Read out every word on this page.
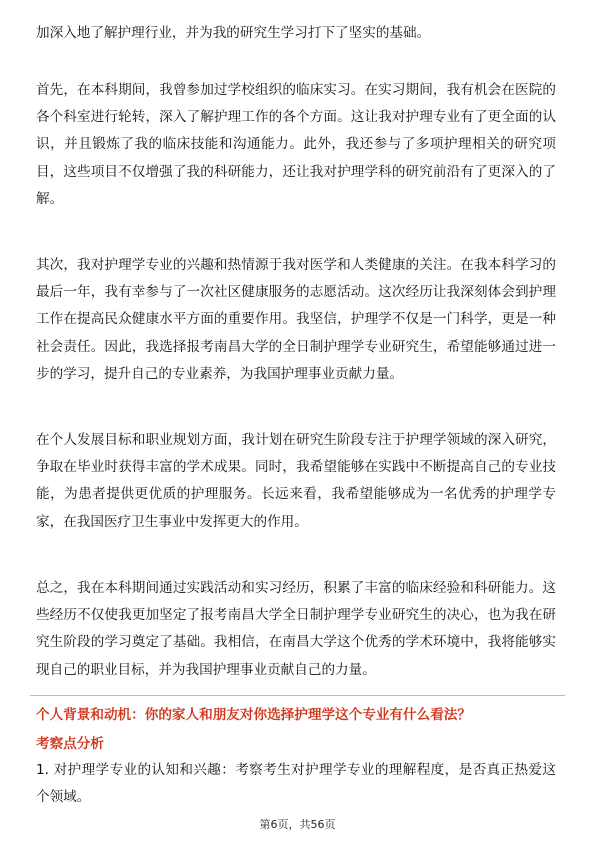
加深入地了解护理行业，并为我的研究生学习打下了坚实的基础。

首先，在本科期间，我曾参加过学校组织的临床实习。在实习期间，我有机会在医院的各个科室进行轮转，深入了解护理工作的各个方面。这让我对护理专业有了更全面的认识，并且锻炼了我的临床技能和沟通能力。此外，我还参与了多项护理相关的研究项目，这些项目不仅增强了我的科研能力，还让我对护理学科的研究前沿有了更深入的了解。

其次，我对护理学专业的兴趣和热情源于我对医学和人类健康的关注。在我本科学习的最后一年，我有幸参与了一次社区健康服务的志愿活动。这次经历让我深刻体会到护理工作在提高民众健康水平方面的重要作用。我坚信，护理学不仅是一门科学，更是一种社会责任。因此，我选择报考南昌大学的全日制护理学专业研究生，希望能够通过进一步的学习，提升自己的专业素养，为我国护理事业贡献力量。

在个人发展目标和职业规划方面，我计划在研究生阶段专注于护理学领域的深入研究，争取在毕业时获得丰富的学术成果。同时，我希望能够在实践中不断提高自己的专业技能，为患者提供更优质的护理服务。长远来看，我希望能够成为一名优秀的护理学专家，在我国医疗卫生事业中发挥更大的作用。

总之，我在本科期间通过实践活动和实习经历，积累了丰富的临床经验和科研能力。这些经历不仅使我更加坚定了报考南昌大学全日制护理学专业研究生的决心，也为我在研究生阶段的学习奠定了基础。我相信，在南昌大学这个优秀的学术环境中，我将能够实现自己的职业目标，并为我国护理事业贡献自己的力量。

个人背景和动机：你的家人和朋友对你选择护理学这个专业有什么看法？

考察点分析

1. 对护理学专业的认知和兴趣：考察考生对护理学专业的理解程度，是否真正热爱这个领域。

第6页，共56页
